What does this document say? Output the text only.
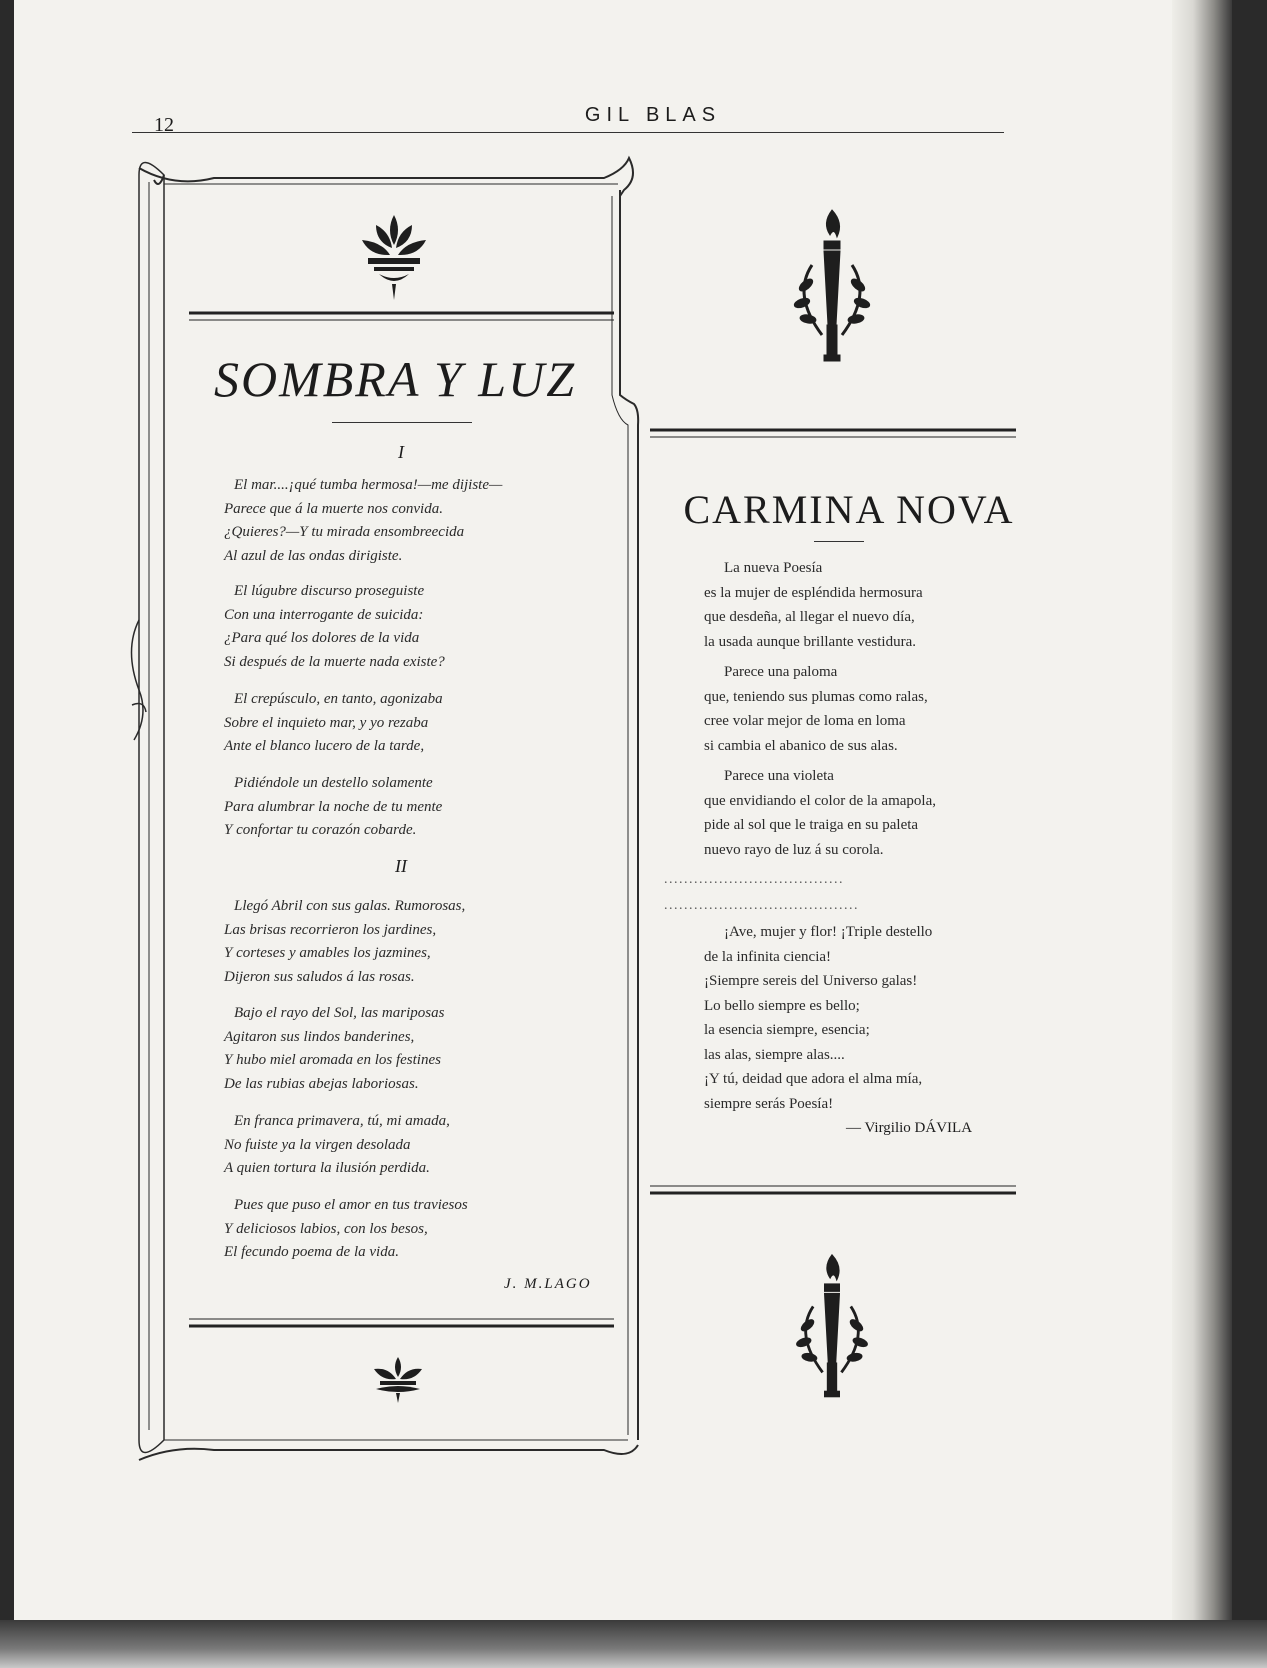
12	GIL BLAS
SOMBRA Y LUZ
I
El mar....¡qué tumba hermosa!—me dijiste—
Parece que á la muerte nos convida.
¿Quieres?—Y tu mirada ensombreecida
Al azul de las ondas dirigiste.
El lúgubre discurso proseguiste
Con una interrogante de suicida:
¿Para qué los dolores de la vida
Si después de la muerte nada existe?
El crepúsculo, en tanto, agonizaba
Sobre el inquieto mar, y yo rezaba
Ante el blanco lucero de la tarde,
Pidiéndole un destello solamente
Para alumbrar la noche de tu mente
Y confortar tu corazón cobarde.
II
Llegó Abril con sus galas. Rumorosas,
Las brisas recorrieron los jardines,
Y corteses y amables los jazmines,
Dijeron sus saludos á las rosas.
Bajo el rayo del Sol, las mariposas
Agitaron sus lindos banderines,
Y hubo miel aromada en los festines
De las rubias abejas laboriosas.
En franca primavera, tú, mi amada,
No fuiste ya la virgen desolada
A quien tortura la ilusión perdida.
Pues que puso el amor en tus traviesos
Y deliciosos labios, con los besos,
El fecundo poema de la vida.
J. M.LAGO
CARMINA NOVA
La nueva Poesía
es la mujer de espléndida hermosura
que desdeña, al llegar el nuevo día,
la usada aunque brillante vestidura.
Parece una paloma
que, teniendo sus plumas como ralas,
cree volar mejor de loma en loma
si cambia el abanico de sus alas.
Parece una violeta
que envidiando el color de la amapola,
pide al sol que le traiga en su paleta
nuevo rayo de luz á su corola.
....................................
.......................................
¡Ave, mujer y flor! ¡Triple destello
de la infinita ciencia!
¡Siempre sereis del Universo galas!
Lo bello siempre es bello;
la esencia siempre, esencia;
las alas, siempre alas....
¡Y tú, deidad que adora el alma mía,
siempre serás Poesía!
— Virgilio DÁVILA
